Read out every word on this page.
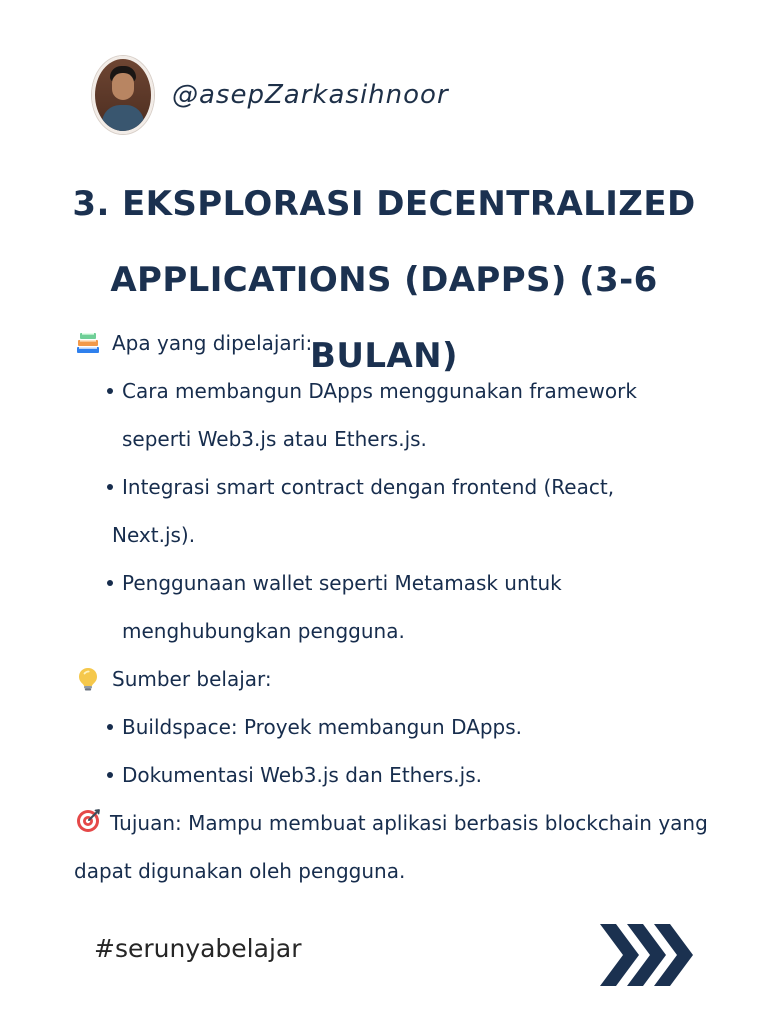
@asepZarkasihnoor
3. EKSPLORASI DECENTRALIZED
APPLICATIONS (DAPPS) (3-6 BULAN)
Apa yang dipelajari:
Cara membangun DApps menggunakan framework
seperti Web3.js atau Ethers.js.
Integrasi smart contract dengan frontend (React,
Next.js).
Penggunaan wallet seperti Metamask untuk
menghubungkan pengguna.
Sumber belajar:
Buildspace: Proyek membangun DApps.
Dokumentasi Web3.js dan Ethers.js.
Tujuan: Mampu membuat aplikasi berbasis blockchain yang dapat digunakan oleh pengguna.
#serunyabelajar
